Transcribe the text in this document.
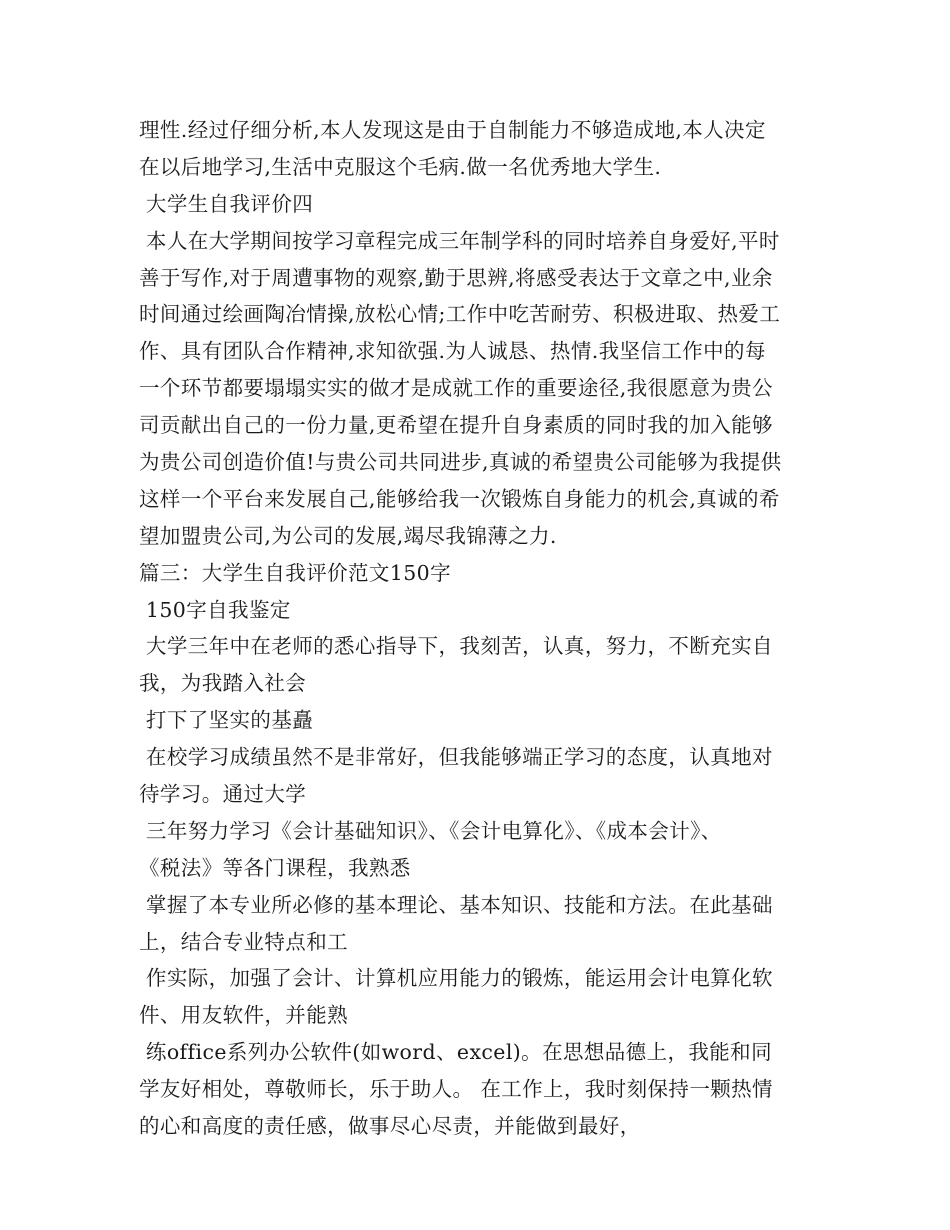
理性.经过仔细分析,本人发现这是由于自制能力不够造成地,本人决定
在以后地学习,生活中克服这个毛病.做一名优秀地大学生.
大学生自我评价四
本人在大学期间按学习章程完成三年制学科的同时培养自身爱好,平时
善于写作,对于周遭事物的观察,勤于思辨,将感受表达于文章之中,业余
时间通过绘画陶冶情操,放松心情;工作中吃苦耐劳、积极进取、热爱工
作、具有团队合作精神,求知欲强.为人诚恳、热情.我坚信工作中的每
一个环节都要塌塌实实的做才是成就工作的重要途径,我很愿意为贵公
司贡献出自己的一份力量,更希望在提升自身素质的同时我的加入能够
为贵公司创造价值!与贵公司共同进步,真诚的希望贵公司能够为我提供
这样一个平台来发展自己,能够给我一次锻炼自身能力的机会,真诚的希
望加盟贵公司,为公司的发展,竭尽我锦薄之力.
篇三：大学生自我评价范文150字
150字自我鉴定
大学三年中在老师的悉心指导下，我刻苦，认真，努力，不断充实自
我，为我踏入社会
打下了坚实的基矗
在校学习成绩虽然不是非常好，但我能够端正学习的态度，认真地对
待学习。通过大学
三年努力学习《会计基础知识》、《会计电算化》、《成本会计》、
《税法》等各门课程，我熟悉
掌握了本专业所必修的基本理论、基本知识、技能和方法。在此基础
上，结合专业特点和工
作实际，加强了会计、计算机应用能力的锻炼，能运用会计电算化软
件、用友软件，并能熟
练office系列办公软件(如word、excel)。在思想品德上，我能和同
学友好相处，尊敬师长，乐于助人。 在工作上，我时刻保持一颗热情
的心和高度的责任感，做事尽心尽责，并能做到最好，
